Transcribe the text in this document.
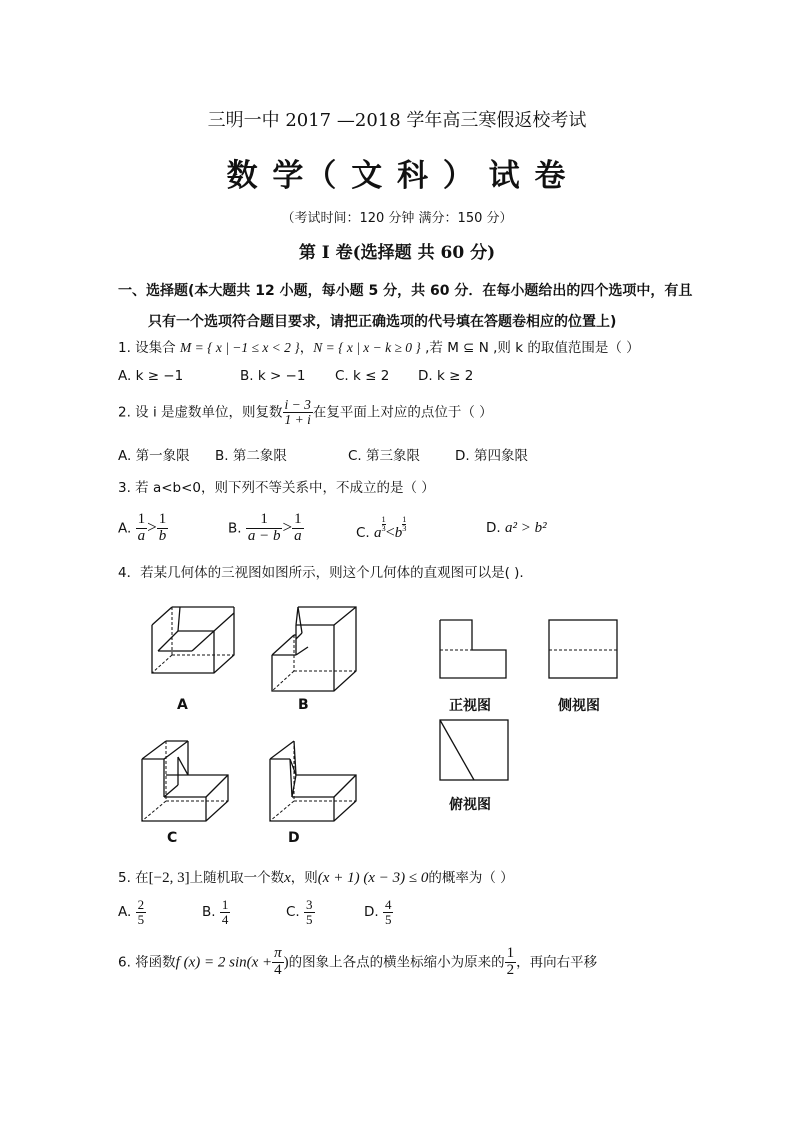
三明一中 2017 —2018 学年高三寒假返校考试
数 学（ 文 科 ） 试 卷
（考试时间：120 分钟 满分：150 分）
第 I 卷(选择题 共 60 分)
一、选择题(本大题共 12 小题，每小题 5 分，共 60 分．在每小题给出的四个选项中，有且
只有一个选项符合题目要求，请把正确选项的代号填在答题卷相应的位置上)
1. 设集合 M = { x | −1 ≤ x < 2 }，N = { x | x − k ≥ 0 } ,若 M ⊆ N ,则 k 的取值范围是（ ）
A. k ≥ −1	B. k > −1 C. k ≤ 2 D. k ≥ 2
2. 设 i 是虚数单位，则复数 $\frac{i - 3}{1 + i}$ 在复平面上对应的点位于（ ）
A. 第一象限 B. 第二象限	C. 第三象限	D. 第四象限
3. 若 a<b<0，则下列不等关系中，不成立的是（ ）
A. $\frac{1}{a} > \frac{1}{b}$	B. $\frac{1}{a - b} > \frac{1}{a}$	C. a $\frac{1}{3} <b \frac{1}{3}$	D. a² > b²
4．若某几何体的三视图如图所示，则这个几何体的直观图可以是( ).
A	B
C	D
正视图	侧视图
俯视图
5. 在[−2, 3]上随机取一个数x，则(x + 1) (x − 3) ≤ 0的概率为（ ）
A. $\frac{2}{5}$	B. $\frac{1}{4}$	C. $\frac{3}{5}$	D. $\frac{4}{5}$
6. 将函数f (x) = 2 $\sin(x + \frac{\pi}{4}$ )的图象上各点的横坐标缩小为原来的 $\frac{1}{2}$ ，再向右平移
